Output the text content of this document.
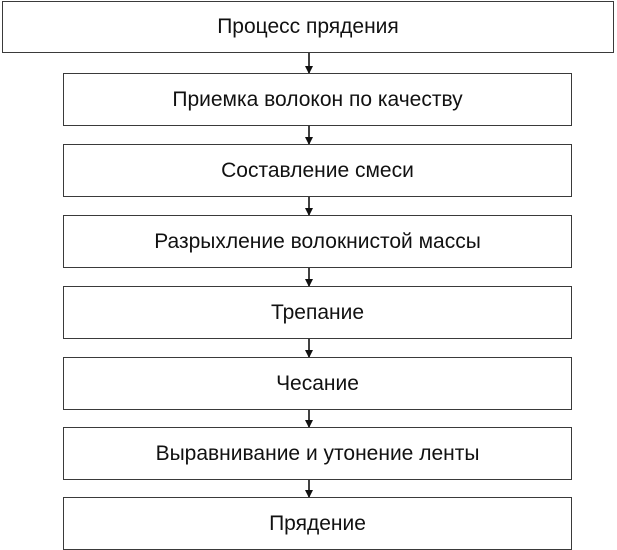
Процесс прядения
Приемка волокон по качеству
Составление смеси
Разрыхление волокнистой массы
Трепание
Чесание
Выравнивание и утонение ленты
Прядение
